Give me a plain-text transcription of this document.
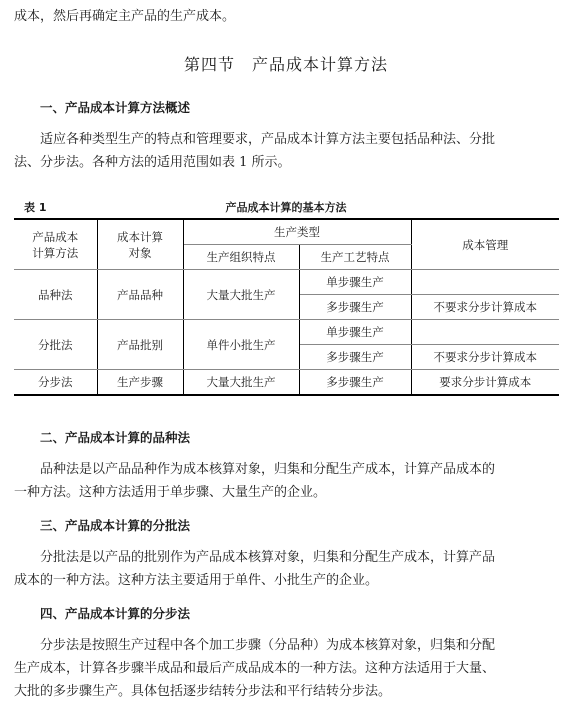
成本，然后再确定主产品的生产成本。
第四节　产品成本计算方法
一、产品成本计算方法概述
适应各种类型生产的特点和管理要求，产品成本计算方法主要包括品种法、分批
法、分步法。各种方法的适用范围如表 1 所示。
表 1	产品成本计算的基本方法
产品成本计算方法	成本计算对象	生产类型		成本管理
		生产组织特点	生产工艺特点	
品种法	产品品种	大量大批生产	单步骤生产	
			多步骤生产	不要求分步计算成本
分批法	产品批别	单件小批生产	单步骤生产	
			多步骤生产	不要求分步计算成本
分步法	生产步骤	大量大批生产	多步骤生产	要求分步计算成本
二、产品成本计算的品种法
品种法是以产品品种作为成本核算对象，归集和分配生产成本，计算产品成本的
一种方法。这种方法适用于单步骤、大量生产的企业。
三、产品成本计算的分批法
分批法是以产品的批别作为产品成本核算对象，归集和分配生产成本，计算产品
成本的一种方法。这种方法主要适用于单件、小批生产的企业。
四、产品成本计算的分步法
分步法是按照生产过程中各个加工步骤（分品种）为成本核算对象，归集和分配
生产成本，计算各步骤半成品和最后产成品成本的一种方法。这种方法适用于大量、
大批的多步骤生产。具体包括逐步结转分步法和平行结转分步法。
